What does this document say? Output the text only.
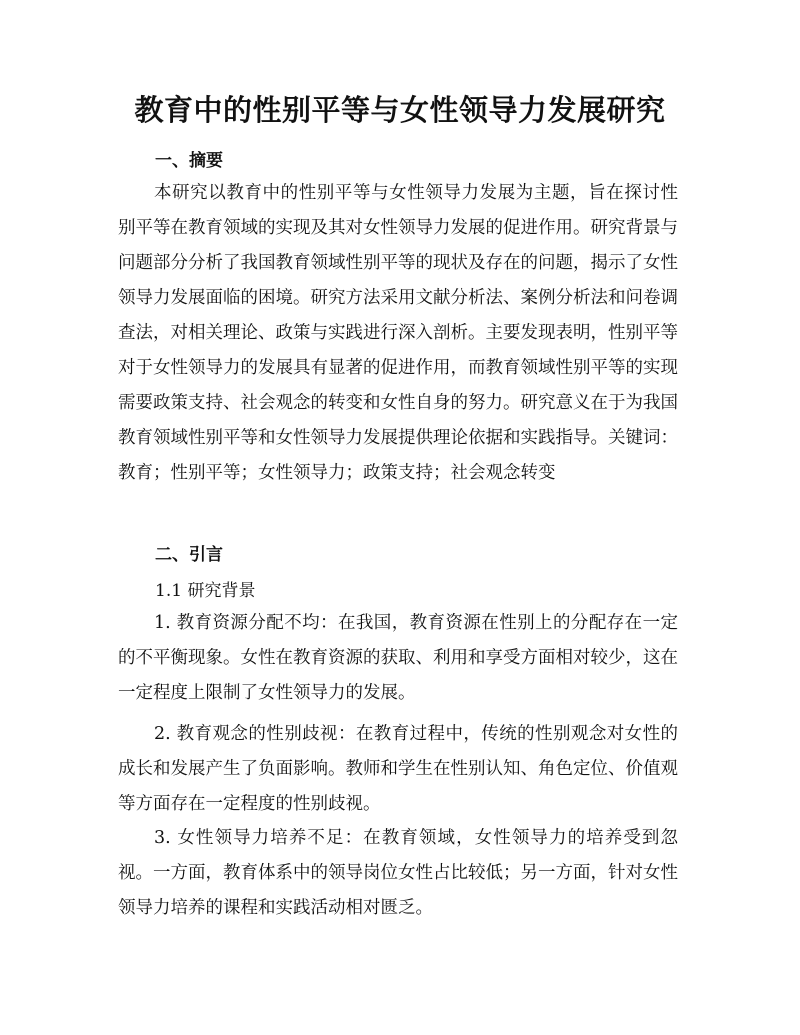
教育中的性别平等与女性领导力发展研究
一、摘要
本研究以教育中的性别平等与女性领导力发展为主题，旨在探讨性别平等在教育领域的实现及其对女性领导力发展的促进作用。研究背景与问题部分分析了我国教育领域性别平等的现状及存在的问题，揭示了女性领导力发展面临的困境。研究方法采用文献分析法、案例分析法和问卷调查法，对相关理论、政策与实践进行深入剖析。主要发现表明，性别平等对于女性领导力的发展具有显著的促进作用，而教育领域性别平等的实现需要政策支持、社会观念的转变和女性自身的努力。研究意义在于为我国教育领域性别平等和女性领导力发展提供理论依据和实践指导。关键词：教育；性别平等；女性领导力；政策支持；社会观念转变
二、引言
1.1 研究背景
1. 教育资源分配不均：在我国，教育资源在性别上的分配存在一定的不平衡现象。女性在教育资源的获取、利用和享受方面相对较少，这在一定程度上限制了女性领导力的发展。
2. 教育观念的性别歧视：在教育过程中，传统的性别观念对女性的成长和发展产生了负面影响。教师和学生在性别认知、角色定位、价值观等方面存在一定程度的性别歧视。
3. 女性领导力培养不足：在教育领域，女性领导力的培养受到忽视。一方面，教育体系中的领导岗位女性占比较低；另一方面，针对女性领导力培养的课程和实践活动相对匮乏。
